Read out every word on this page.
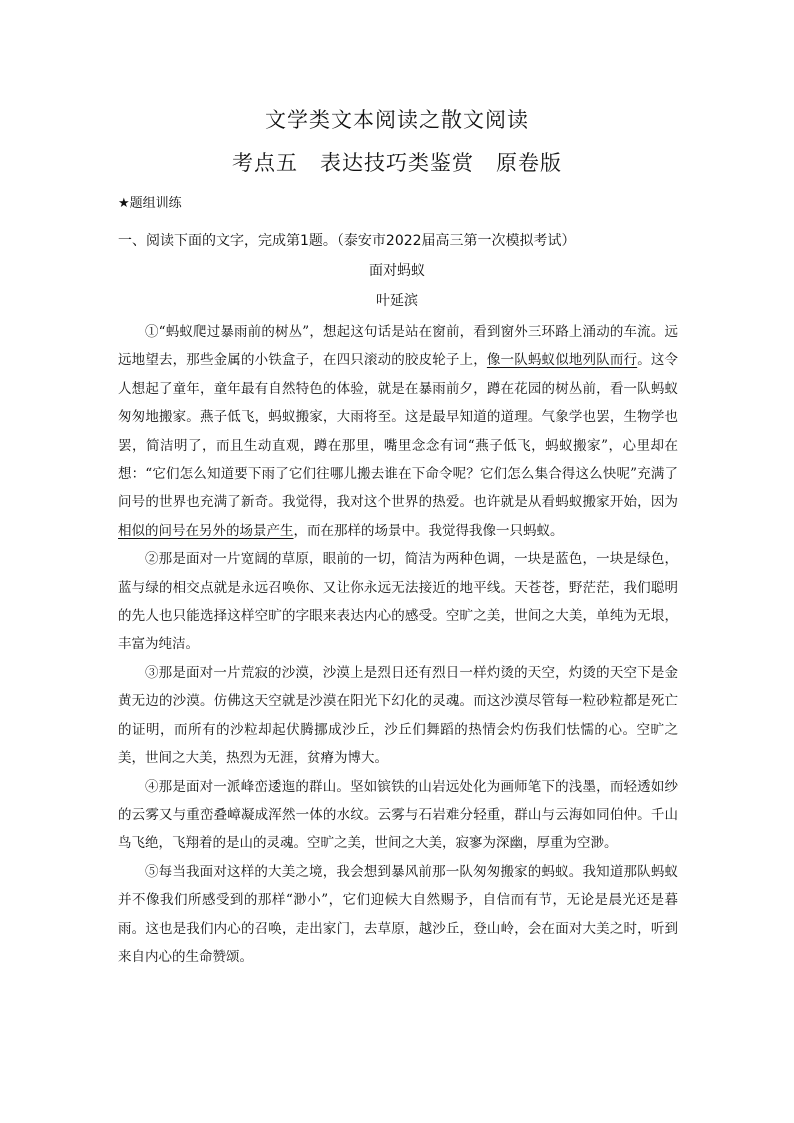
文学类文本阅读之散文阅读
考点五 表达技巧类鉴赏 原卷版
★题组训练
一、阅读下面的文字，完成第1题。（泰安市2022届高三第一次模拟考试）
面对蚂蚁
叶延滨

①“蚂蚁爬过暴雨前的树丛”，想起这句话是站在窗前，看到窗外三环路上涌动的车流。远远地望去，那些金属的小铁盒子，在四只滚动的胶皮轮子上，像一队蚂蚁似地列队而行。这令人想起了童年，童年最有自然特色的体验，就是在暴雨前夕，蹲在花园的树丛前，看一队蚂蚁匆匆地搬家。燕子低飞，蚂蚁搬家，大雨将至。这是最早知道的道理。气象学也罢，生物学也罢，简洁明了，而且生动直观，蹲在那里，嘴里念念有词“燕子低飞，蚂蚁搬家”，心里却在想：“它们怎么知道要下雨了它们往哪儿搬去谁在下命令呢？它们怎么集合得这么快呢”充满了问号的世界也充满了新奇。我觉得，我对这个世界的热爱。也许就是从看蚂蚁搬家开始，因为相似的问号在另外的场景产生，而在那样的场景中。我觉得我像一只蚂蚁。

②那是面对一片宽阔的草原，眼前的一切，简洁为两种色调，一块是蓝色，一块是绿色，蓝与绿的相交点就是永远召唤你、又让你永远无法接近的地平线。天苍苍，野茫茫，我们聪明的先人也只能选择这样空旷的字眼来表达内心的感受。空旷之美，世间之大美，单纯为无垠，丰富为纯洁。

③那是面对一片荒寂的沙漠，沙漠上是烈日还有烈日一样灼烫的天空，灼烫的天空下是金黄无边的沙漠。仿佛这天空就是沙漠在阳光下幻化的灵魂。而这沙漠尽管每一粒砂粒都是死亡的证明，而所有的沙粒却起伏腾挪成沙丘，沙丘们舞蹈的热情会灼伤我们怯懦的心。空旷之美，世间之大美，热烈为无涯，贫瘠为博大。

④那是面对一派峰峦逶迤的群山。坚如镔铁的山岩远处化为画师笔下的浅墨，而轻透如纱的云雾又与重峦叠嶂凝成浑然一体的水纹。云雾与石岩难分轻重，群山与云海如同伯仲。千山鸟飞绝，飞翔着的是山的灵魂。空旷之美，世间之大美，寂寥为深幽，厚重为空渺。

⑤每当我面对这样的大美之境，我会想到暴风前那一队匆匆搬家的蚂蚁。我知道那队蚂蚁并不像我们所感受到的那样“渺小”，它们迎候大自然赐予，自信而有节，无论是晨光还是暮雨。这也是我们内心的召唤，走出家门，去草原，越沙丘，登山岭，会在面对大美之时，听到来自内心的生命赞颂。
